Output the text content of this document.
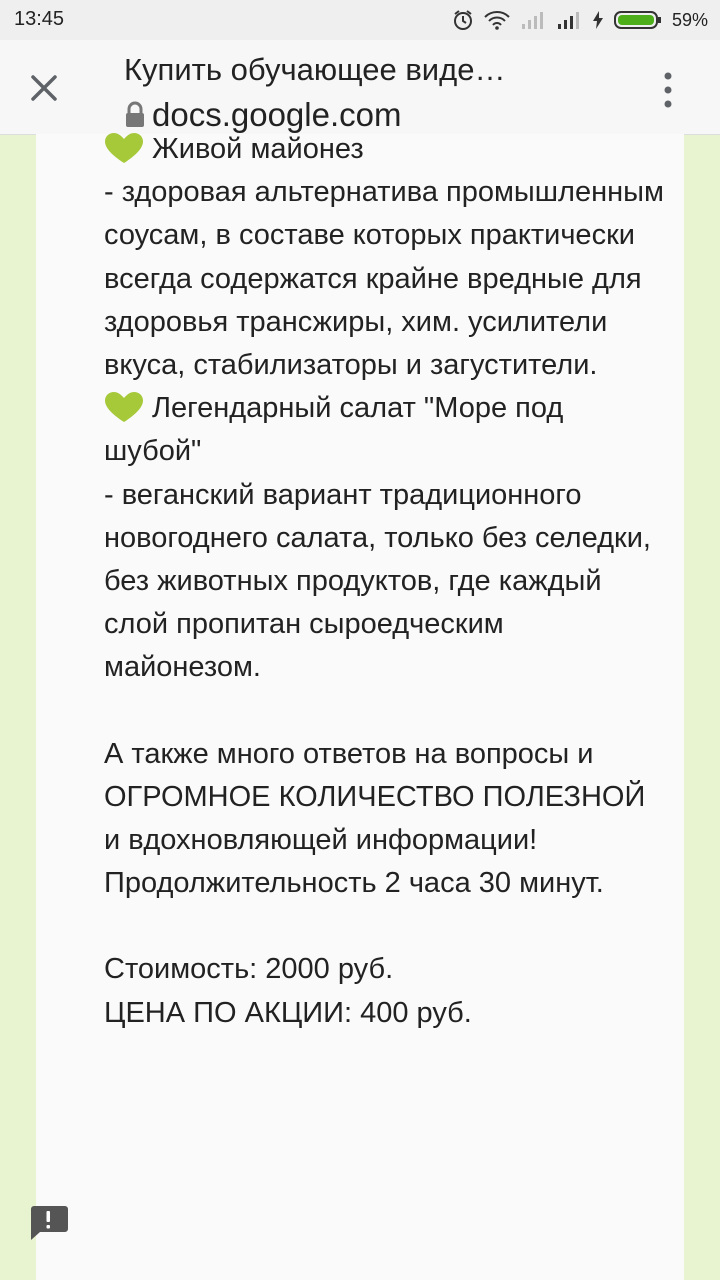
13:45	59%
Купить обучающее виде…
docs.google.com

Живой майонез

- здоровая альтернатива промышленным соусам, в составе которых практически всегда содержатся крайне вредные для здоровья трансжиры, хим. усилители вкуса, стабилизаторы и загустители.

Легендарный салат "Море под шубой"

- веганский вариант традиционного новогоднего салата, только без селедки, без животных продуктов, где каждый слой пропитан сыроедческим майонезом.

А также много ответов на вопросы и ОГРОМНОЕ КОЛИЧЕСТВО ПОЛЕЗНОЙ и вдохновляющей информации! Продолжительность 2 часа 30 минут.

Стоимость: 2000 руб.

ЦЕНА ПО АКЦИИ: 400 руб.
